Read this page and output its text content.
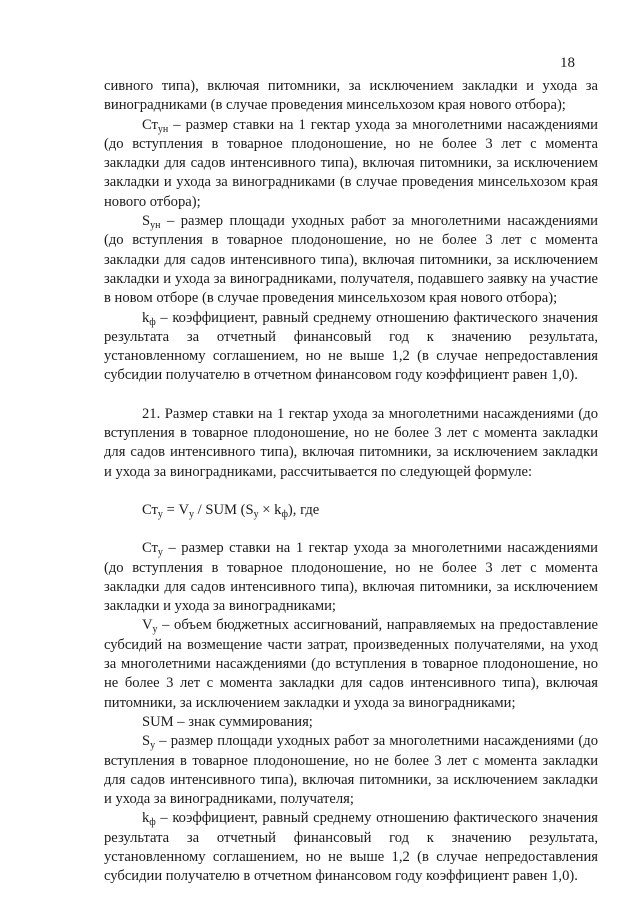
18

сивного типа), включая питомники, за исключением закладки и ухода за виноградниками (в случае проведения минсельхозом края нового отбора);

$Ст_{ун}$ – размер ставки на 1 гектар ухода за многолетними насаждениями (до вступления в товарное плодоношение, но не более 3 лет с момента закладки для садов интенсивного типа), включая питомники, за исключением закладки и ухода за виноградниками (в случае проведения минсельхозом края нового отбора);

$S_{ун}$ – размер площади уходных работ за многолетними насаждениями (до вступления в товарное плодоношение, но не более 3 лет с момента закладки для садов интенсивного типа), включая питомники, за исключением закладки и ухода за виноградниками, получателя, подавшего заявку на участие в новом отборе (в случае проведения минсельхозом края нового отбора);

$k_ф$ – коэффициент, равный среднему отношению фактического значения результата за отчетный финансовый год к значению результата, установленному соглашением, но не выше 1,2 (в случае непредоставления субсидии получателю в отчетном финансовом году коэффициент равен 1,0).

21. Размер ставки на 1 гектар ухода за многолетними насаждениями (до вступления в товарное плодоношение, но не более 3 лет с момента закладки для садов интенсивного типа), включая питомники, за исключением закладки и ухода за виноградниками, рассчитывается по следующей формуле:

$Ст_у = V_у$ / SUM $(S_у \times k_ф)$, где

$Ст_у$ – размер ставки на 1 гектар ухода за многолетними насаждениями (до вступления в товарное плодоношение, но не более 3 лет с момента закладки для садов интенсивного типа), включая питомники, за исключением закладки и ухода за виноградниками;

$V_у$ – объем бюджетных ассигнований, направляемых на предоставление субсидий на возмещение части затрат, произведенных получателями, на уход за многолетними насаждениями (до вступления в товарное плодоношение, но не более 3 лет с момента закладки для садов интенсивного типа), включая питомники, за исключением закладки и ухода за виноградниками;

SUM – знак суммирования;

$S_у$ – размер площади уходных работ за многолетними насаждениями (до вступления в товарное плодоношение, но не более 3 лет с момента закладки для садов интенсивного типа), включая питомники, за исключением закладки и ухода за виноградниками, получателя;

$k_ф$ – коэффициент, равный среднему отношению фактического значения результата за отчетный финансовый год к значению результата, установленному соглашением, но не выше 1,2 (в случае непредоставления субсидии получателю в отчетном финансовом году коэффициент равен 1,0).
